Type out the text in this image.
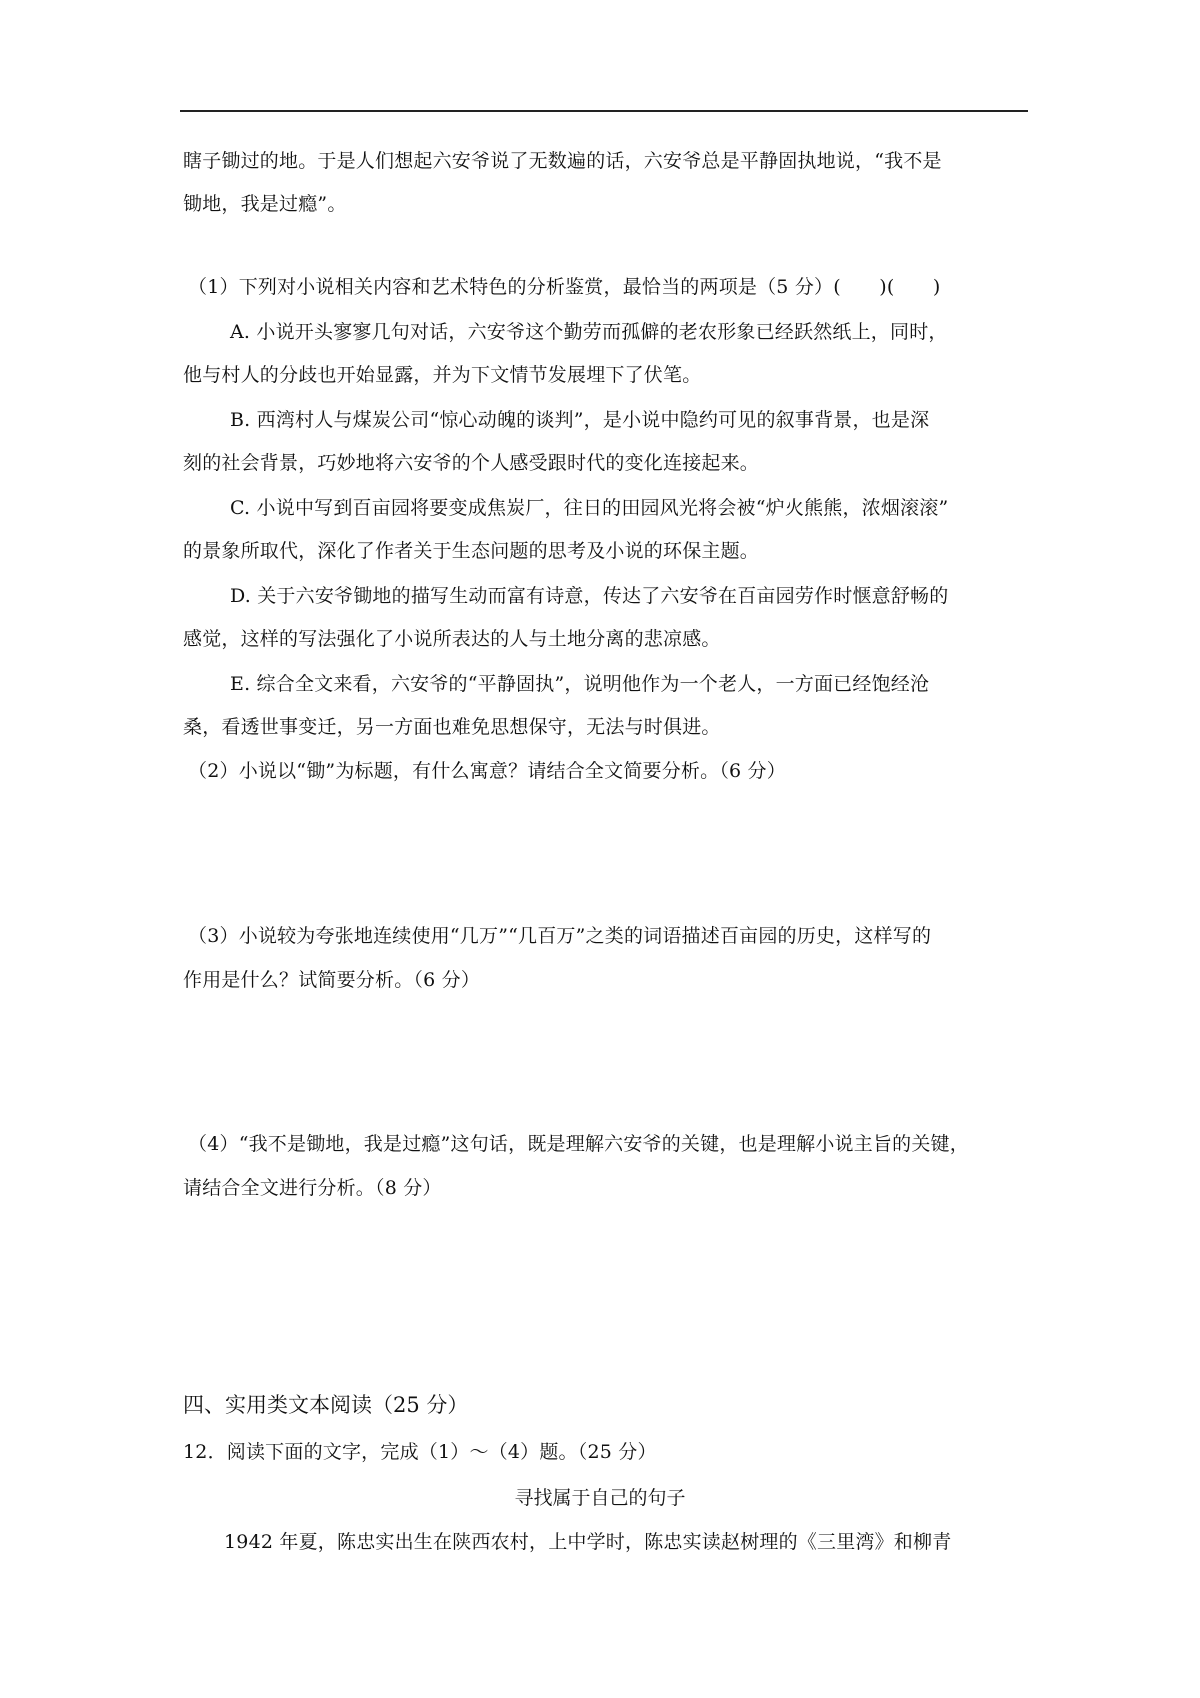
瞎子锄过的地。于是人们想起六安爷说了无数遍的话，六安爷总是平静固执地说，“我不是
锄地，我是过瘾”。
（1）下列对小说相关内容和艺术特色的分析鉴赏，最恰当的两项是（5 分）(　　)(　　)
A. 小说开头寥寥几句对话，六安爷这个勤劳而孤僻的老农形象已经跃然纸上，同时，
他与村人的分歧也开始显露，并为下文情节发展埋下了伏笔。
B. 西湾村人与煤炭公司“惊心动魄的谈判”，是小说中隐约可见的叙事背景，也是深
刻的社会背景，巧妙地将六安爷的个人感受跟时代的变化连接起来。
C. 小说中写到百亩园将要变成焦炭厂，往日的田园风光将会被“炉火熊熊，浓烟滚滚”
的景象所取代，深化了作者关于生态问题的思考及小说的环保主题。
D. 关于六安爷锄地的描写生动而富有诗意，传达了六安爷在百亩园劳作时惬意舒畅的
感觉，这样的写法强化了小说所表达的人与土地分离的悲凉感。
E. 综合全文来看，六安爷的“平静固执”，说明他作为一个老人，一方面已经饱经沧
桑，看透世事变迁，另一方面也难免思想保守，无法与时俱进。
（2）小说以“锄”为标题，有什么寓意？请结合全文简要分析。（6 分）
（3）小说较为夸张地连续使用“几万”“几百万”之类的词语描述百亩园的历史，这样写的
作用是什么？试简要分析。（6 分）
（4）“我不是锄地，我是过瘾”这句话，既是理解六安爷的关键，也是理解小说主旨的关键，
请结合全文进行分析。（8 分）
四、实用类文本阅读（25 分）
12．阅读下面的文字，完成（1）～（4）题。（25 分）
寻找属于自己的句子
1942 年夏，陈忠实出生在陕西农村，上中学时，陈忠实读赵树理的《三里湾》和柳青
